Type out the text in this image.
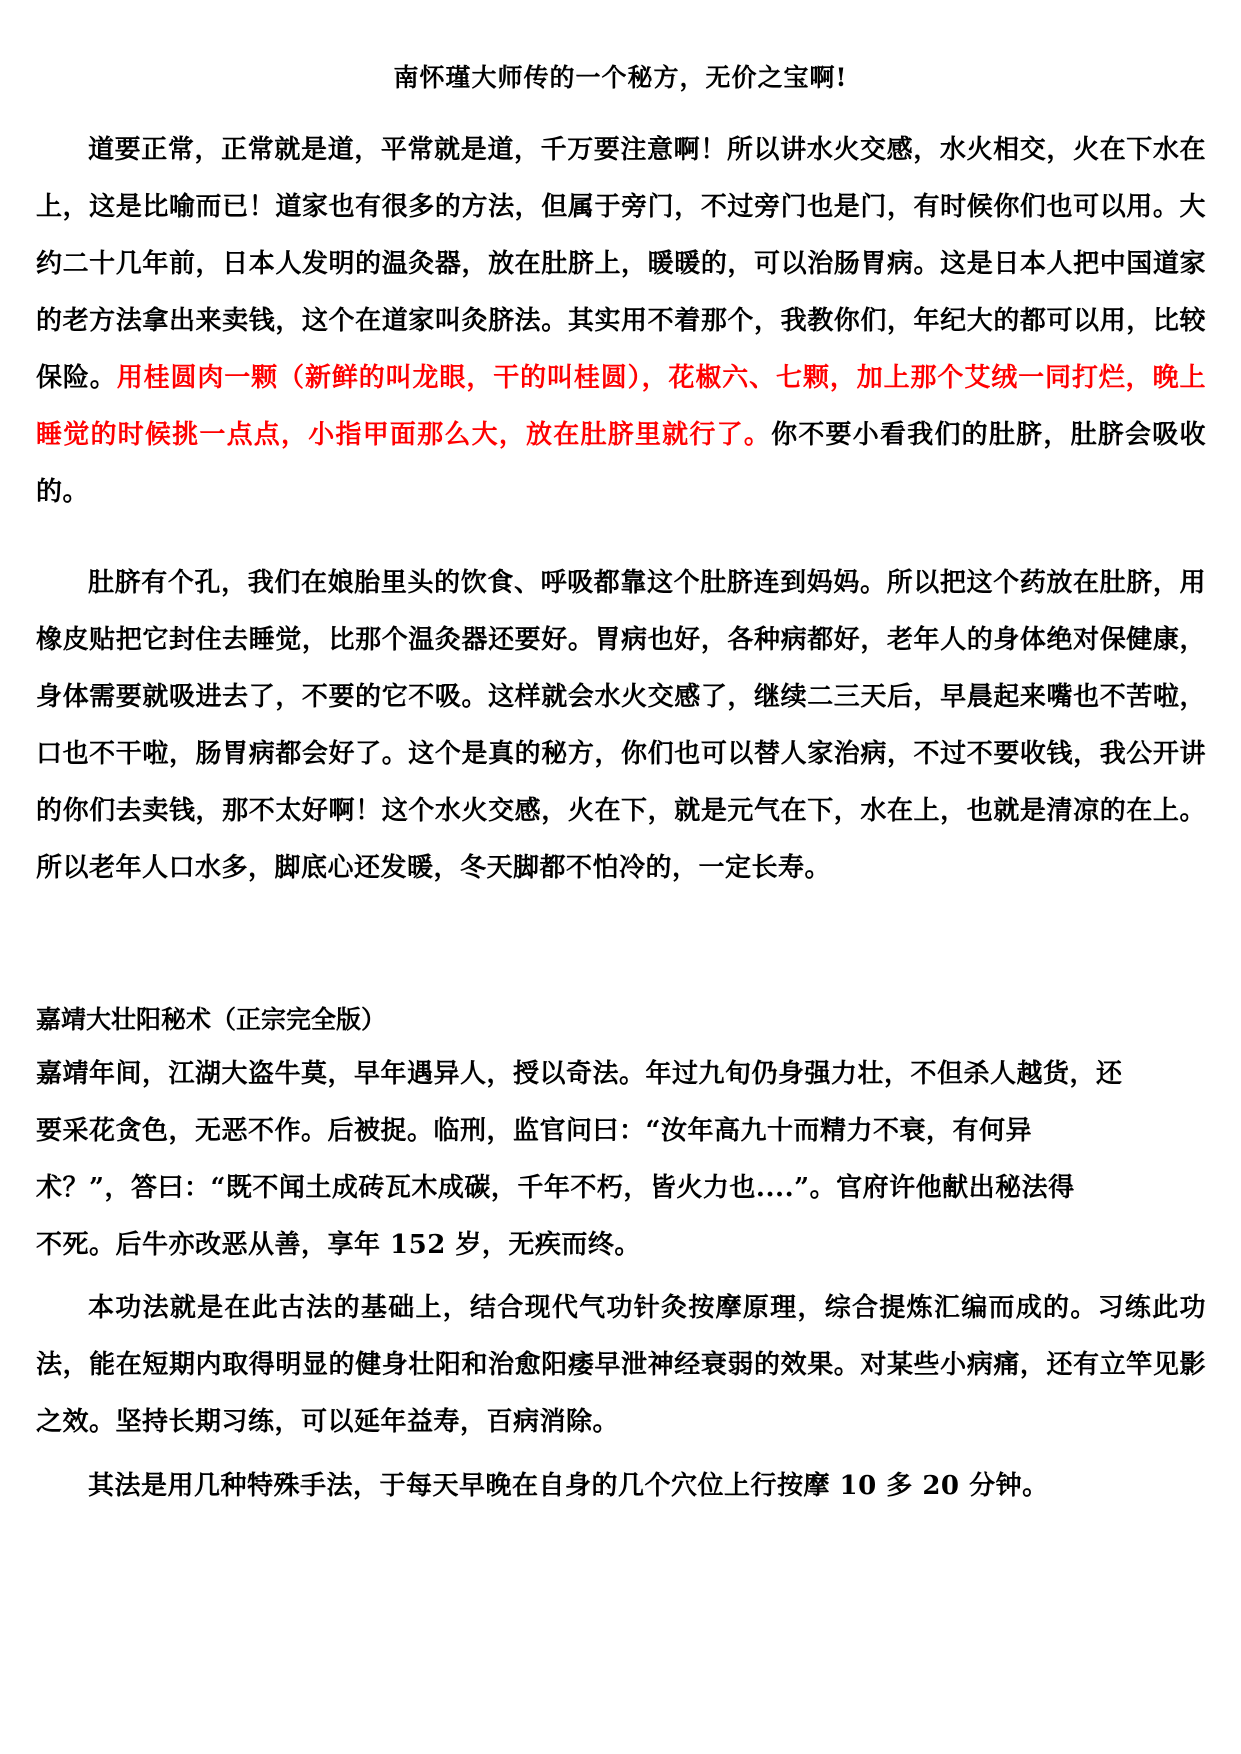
南怀瑾大师传的一个秘方，无价之宝啊!

道要正常，正常就是道，平常就是道，千万要注意啊！所以讲水火交感，水火相交，火在下水在上，这是比喻而已！道家也有很多的方法，但属于旁门，不过旁门也是门，有时候你们也可以用。大约二十几年前，日本人发明的温灸器，放在肚脐上，暖暖的，可以治肠胃病。这是日本人把中国道家的老方法拿出来卖钱，这个在道家叫灸脐法。其实用不着那个，我教你们，年纪大的都可以用，比较保险。用桂圆肉一颗（新鲜的叫龙眼，干的叫桂圆），花椒六、七颗，加上那个艾绒一同打烂，晚上睡觉的时候挑一点点，小指甲面那么大，放在肚脐里就行了。你不要小看我们的肚脐，肚脐会吸收的。

肚脐有个孔，我们在娘胎里头的饮食、呼吸都靠这个肚脐连到妈妈。所以把这个药放在肚脐，用橡皮贴把它封住去睡觉，比那个温灸器还要好。胃病也好，各种病都好，老年人的身体绝对保健康，身体需要就吸进去了，不要的它不吸。这样就会水火交感了，继续二三天后，早晨起来嘴也不苦啦，口也不干啦，肠胃病都会好了。这个是真的秘方，你们也可以替人家治病，不过不要收钱，我公开讲的你们去卖钱，那不太好啊！这个水火交感，火在下，就是元气在下，水在上，也就是清凉的在上。所以老年人口水多，脚底心还发暖，冬天脚都不怕冷的，一定长寿。

嘉靖大壮阳秘术（正宗完全版）

嘉靖年间，江湖大盗牛莫，早年遇异人，授以奇法。年过九旬仍身强力壮，不但杀人越货，还

要采花贪色，无恶不作。后被捉。临刑，监官问曰：“汝年高九十而精力不衰，有何异

术？”，答曰：“既不闻土成砖瓦木成碳，千年不朽，皆火力也....”。官府许他献出秘法得

不死。后牛亦改恶从善，享年 152 岁，无疾而终。

本功法就是在此古法的基础上，结合现代气功针灸按摩原理，综合提炼汇编而成的。习练此功法，能在短期内取得明显的健身壮阳和治愈阳痿早泄神经衰弱的效果。对某些小病痛，还有立竿见影之效。坚持长期习练，可以延年益寿，百病消除。

其法是用几种特殊手法，于每天早晚在自身的几个穴位上行按摩 10 多 20 分钟。
